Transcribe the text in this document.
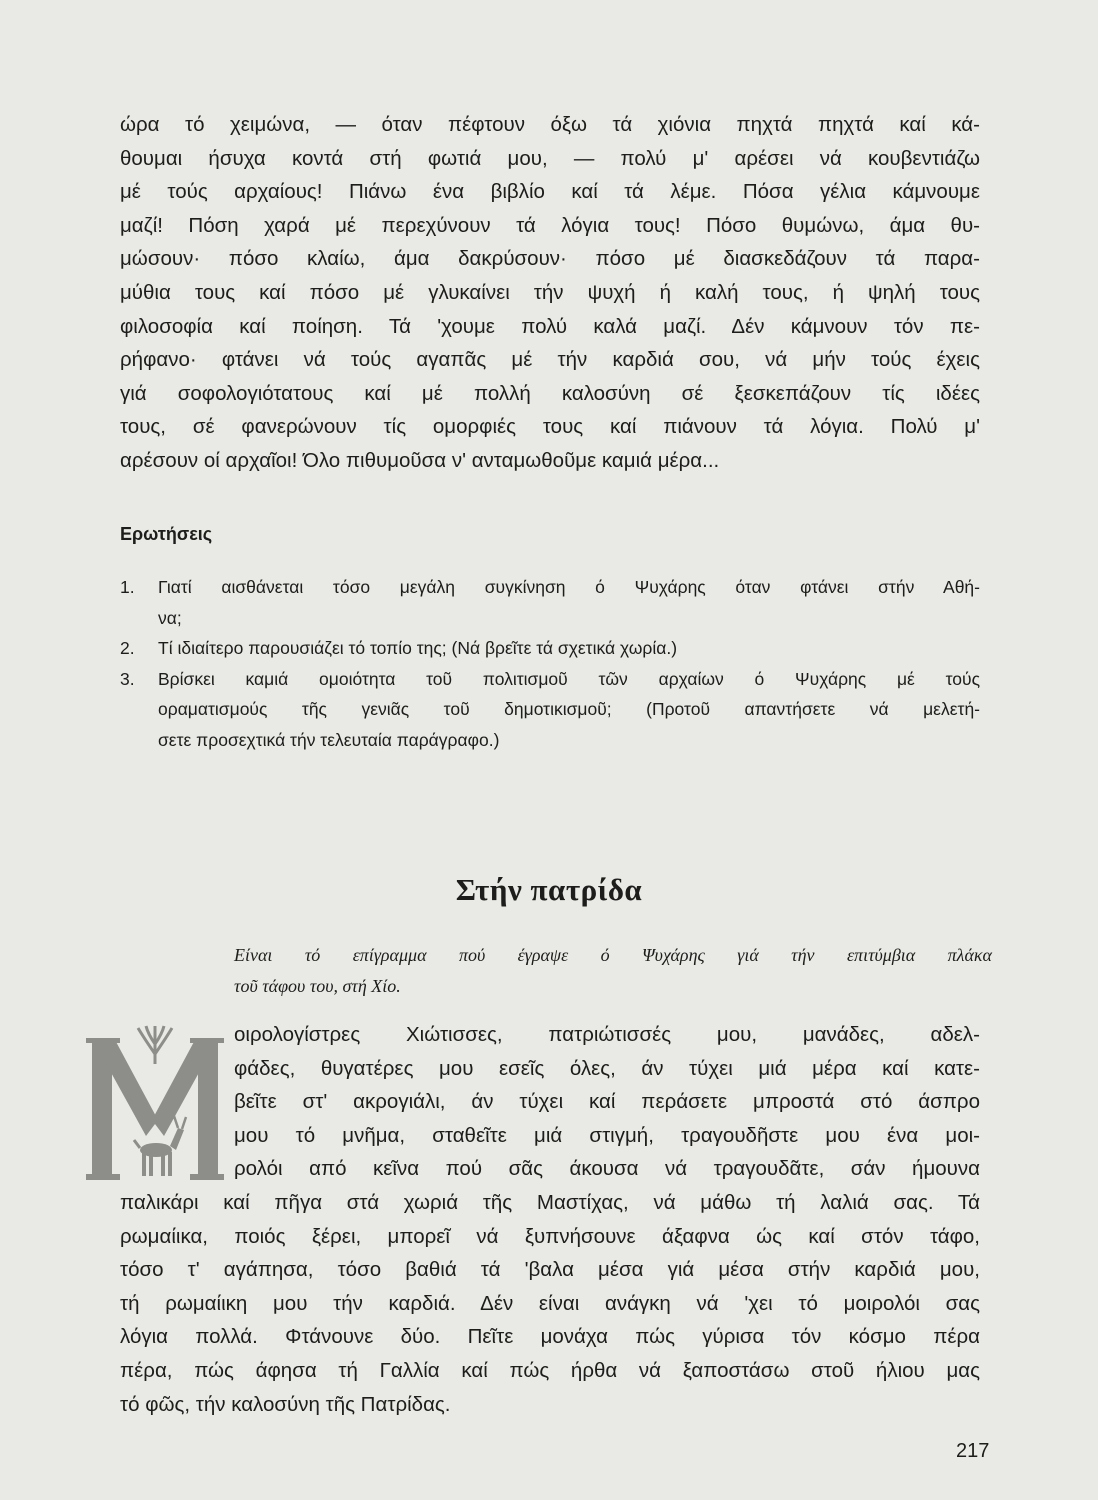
ώρα τό χειμώνα, — όταν πέφτουν όξω τά χιόνια πηχτά πηχτά καί κά-
θουμαι ήσυχα κοντά στή φωτιά μου, — πολύ μ' αρέσει νά κουβεντιάζω
μέ τούς αρχαίους! Πιάνω ένα βιβλίο καί τά λέμε. Πόσα γέλια κάμνουμε
μαζί! Πόση χαρά μέ περεχύνουν τά λόγια τους! Πόσο θυμώνω, άμα θυ-
μώσουν· πόσο κλαίω, άμα δακρύσουν· πόσο μέ διασκεδάζουν τά παρα-
μύθια τους καί πόσο μέ γλυκαίνει τήν ψυχή ή καλή τους, ή ψηλή τους
φιλοσοφία καί ποίηση. Τά 'χουμε πολύ καλά μαζί. Δέν κάμνουν τόν πε-
ρήφανο· φτάνει νά τούς αγαπᾶς μέ τήν καρδιά σου, νά μήν τούς έχεις
γιά σοφολογιότατους καί μέ πολλή καλοσύνη σέ ξεσκεπάζουν τίς ιδέες
τους, σέ φανερώνουν τίς ομορφιές τους καί πιάνουν τά λόγια. Πολύ μ'
αρέσουν οί αρχαῖοι! Όλο πιθυμοῦσα ν' ανταμωθοῦμε καμιά μέρα...
Ερωτήσεις
1. Γιατί αισθάνεται τόσο μεγάλη συγκίνηση ό Ψυχάρης όταν φτάνει στήν Αθή-
να;
2. Τί ιδιαίτερο παρουσιάζει τό τοπίο της; (Νά βρεῖτε τά σχετικά χωρία.)
3. Βρίσκει καμιά ομοιότητα τοῦ πολιτισμοῦ τῶν αρχαίων ό Ψυχάρης μέ τούς
οραματισμούς τῆς γενιᾶς τοῦ δημοτικισμοῦ; (Προτοῦ απαντήσετε νά μελετή-
σετε προσεχτικά τήν τελευταία παράγραφο.)
Στήν πατρίδα
Είναι τό επίγραμμα πού έγραψε ό Ψυχάρης γιά τήν επιτύμβια πλάκα
τοῦ τάφου του, στή Χίο.
οιρολογίστρες Χιώτισσες, πατριώτισσές μου, μανάδες, αδελ-
φάδες, θυγατέρες μου εσεῖς όλες, άν τύχει μιά μέρα καί κατε-
βεῖτε στ' ακρογιάλι, άν τύχει καί περάσετε μπροστά στό άσπρο
μου τό μνῆμα, σταθεῖτε μιά στιγμή, τραγουδῆστε μου ένα μοι-
ρολόι από κεῖνα πού σᾶς άκουσα νά τραγουδᾶτε, σάν ήμουνα
παλικάρι καί πῆγα στά χωριά τῆς Μαστίχας, νά μάθω τή λαλιά σας. Τά
ρωμαίικα, ποιός ξέρει, μπορεῖ νά ξυπνήσουνε άξαφνα ώς καί στόν τάφο,
τόσο τ' αγάπησα, τόσο βαθιά τά 'βαλα μέσα γιά μέσα στήν καρδιά μου,
τή ρωμαίικη μου τήν καρδιά. Δέν είναι ανάγκη νά 'χει τό μοιρολόι σας
λόγια πολλά. Φτάνουνε δύο. Πεῖτε μονάχα πώς γύρισα τόν κόσμο πέρα
πέρα, πώς άφησα τή Γαλλία καί πώς ήρθα νά ξαποστάσω στοῦ ήλιου μας
τό φῶς, τήν καλοσύνη τῆς Πατρίδας.

217
